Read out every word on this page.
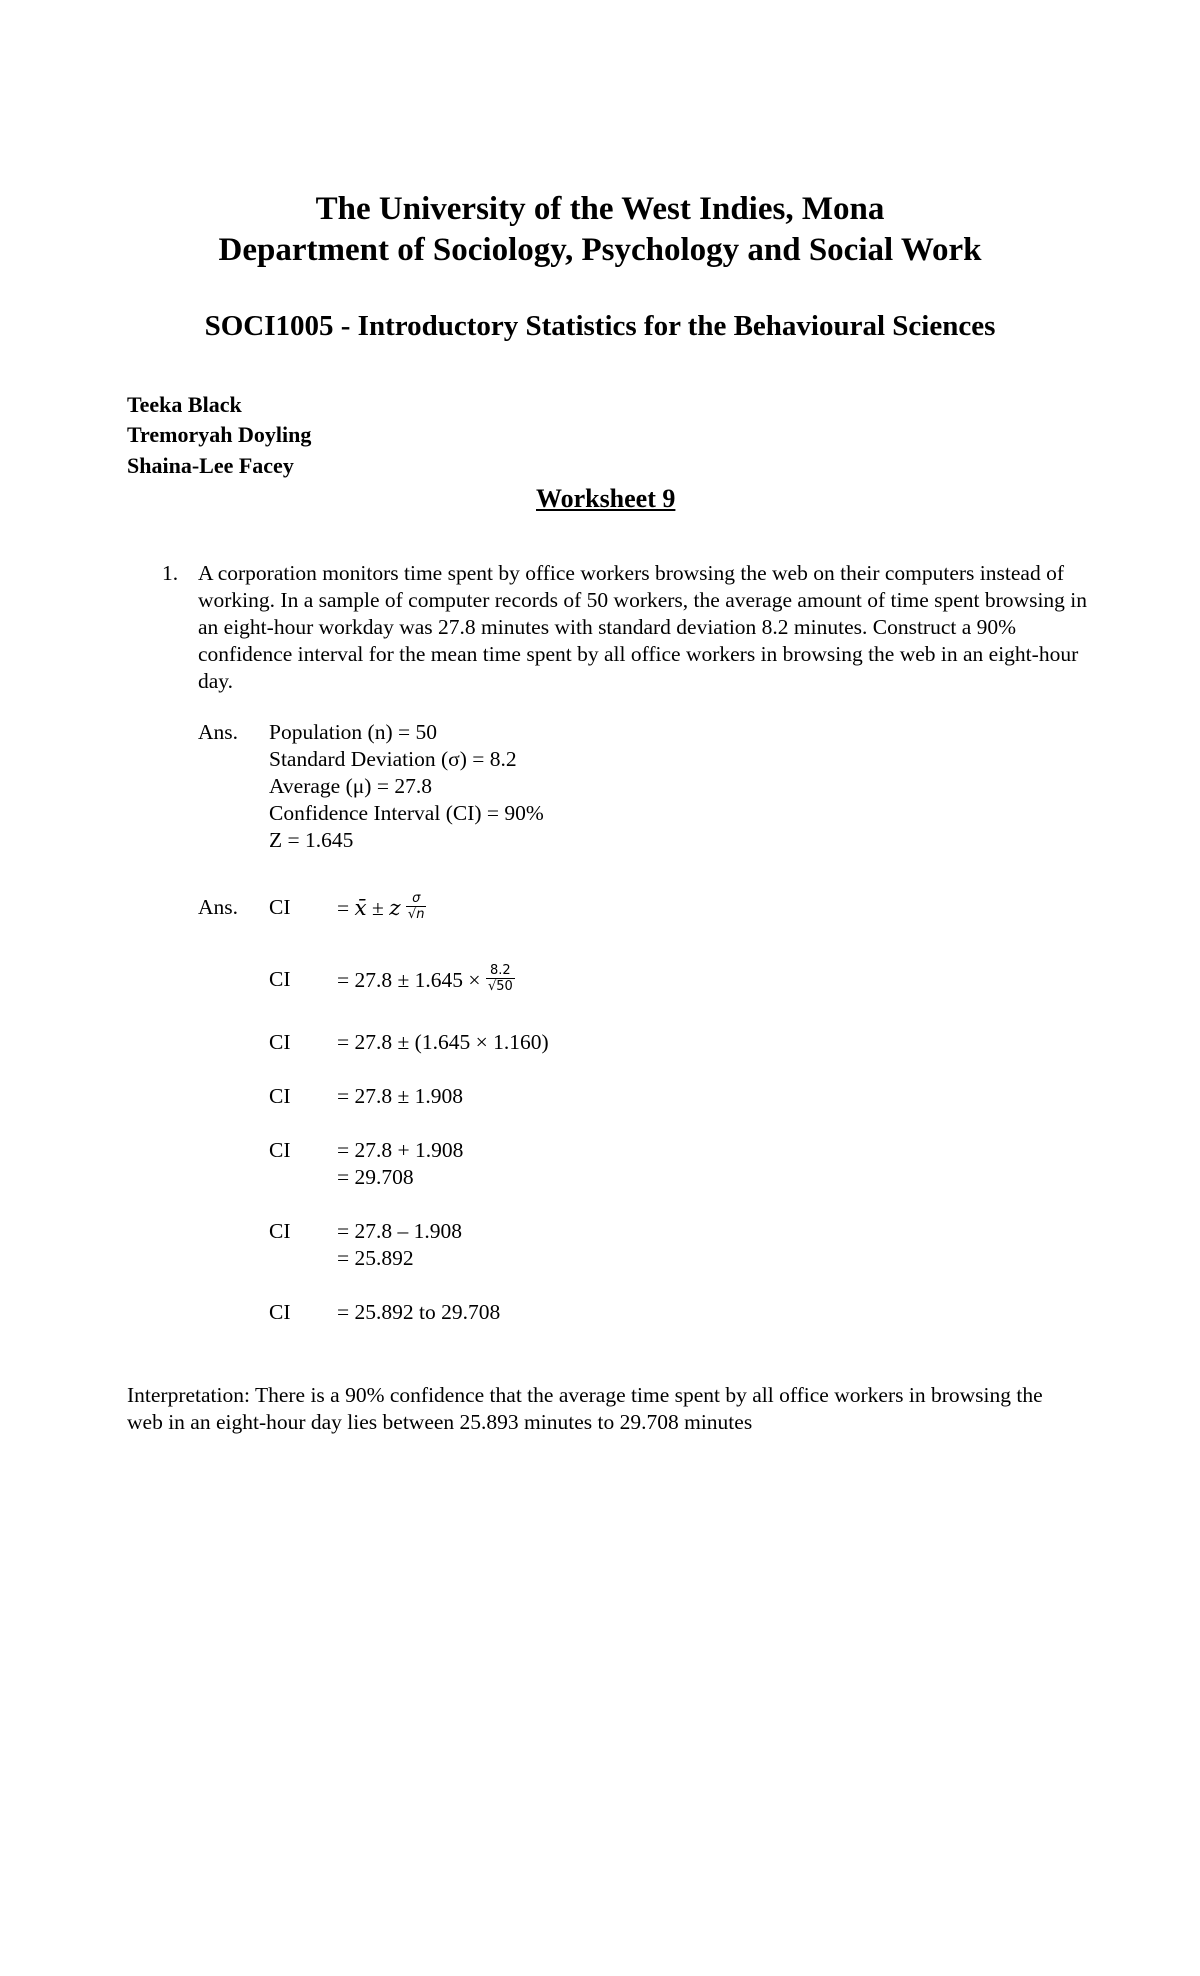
The University of the West Indies, Mona
Department of Sociology, Psychology and Social Work
SOCI1005 - Introductory Statistics for the Behavioural Sciences
Teeka Black
Tremoryah Doyling
Shaina-Lee Facey
Worksheet 9
1. A corporation monitors time spent by office workers browsing the web on their computers instead of working. In a sample of computer records of 50 workers, the average amount of time spent browsing in an eight-hour workday was 27.8 minutes with standard deviation 8.2 minutes. Construct a 90% confidence interval for the mean time spent by all office workers in browsing the web in an eight-hour day.
Ans. Population (n) = 50
Standard Deviation (σ) = 8.2
Average (μ) = 27.8
Confidence Interval (CI) = 90%
Z = 1.645
Ans. CI = x̄ ± z $\frac{\sigma}{√n}$
CI = $27.8 \pm 1.645 \times \frac{8.2}{√50}$
CI = 27.8 ± (1.645 × 1.160)
CI = 27.8 ± 1.908
CI = 27.8 + 1.908
= 29.708
CI = 27.8 – 1.908
= 25.892
CI = 25.892 to 29.708
Interpretation: There is a 90% confidence that the average time spent by all office workers in browsing the web in an eight-hour day lies between 25.893 minutes to 29.708 minutes
